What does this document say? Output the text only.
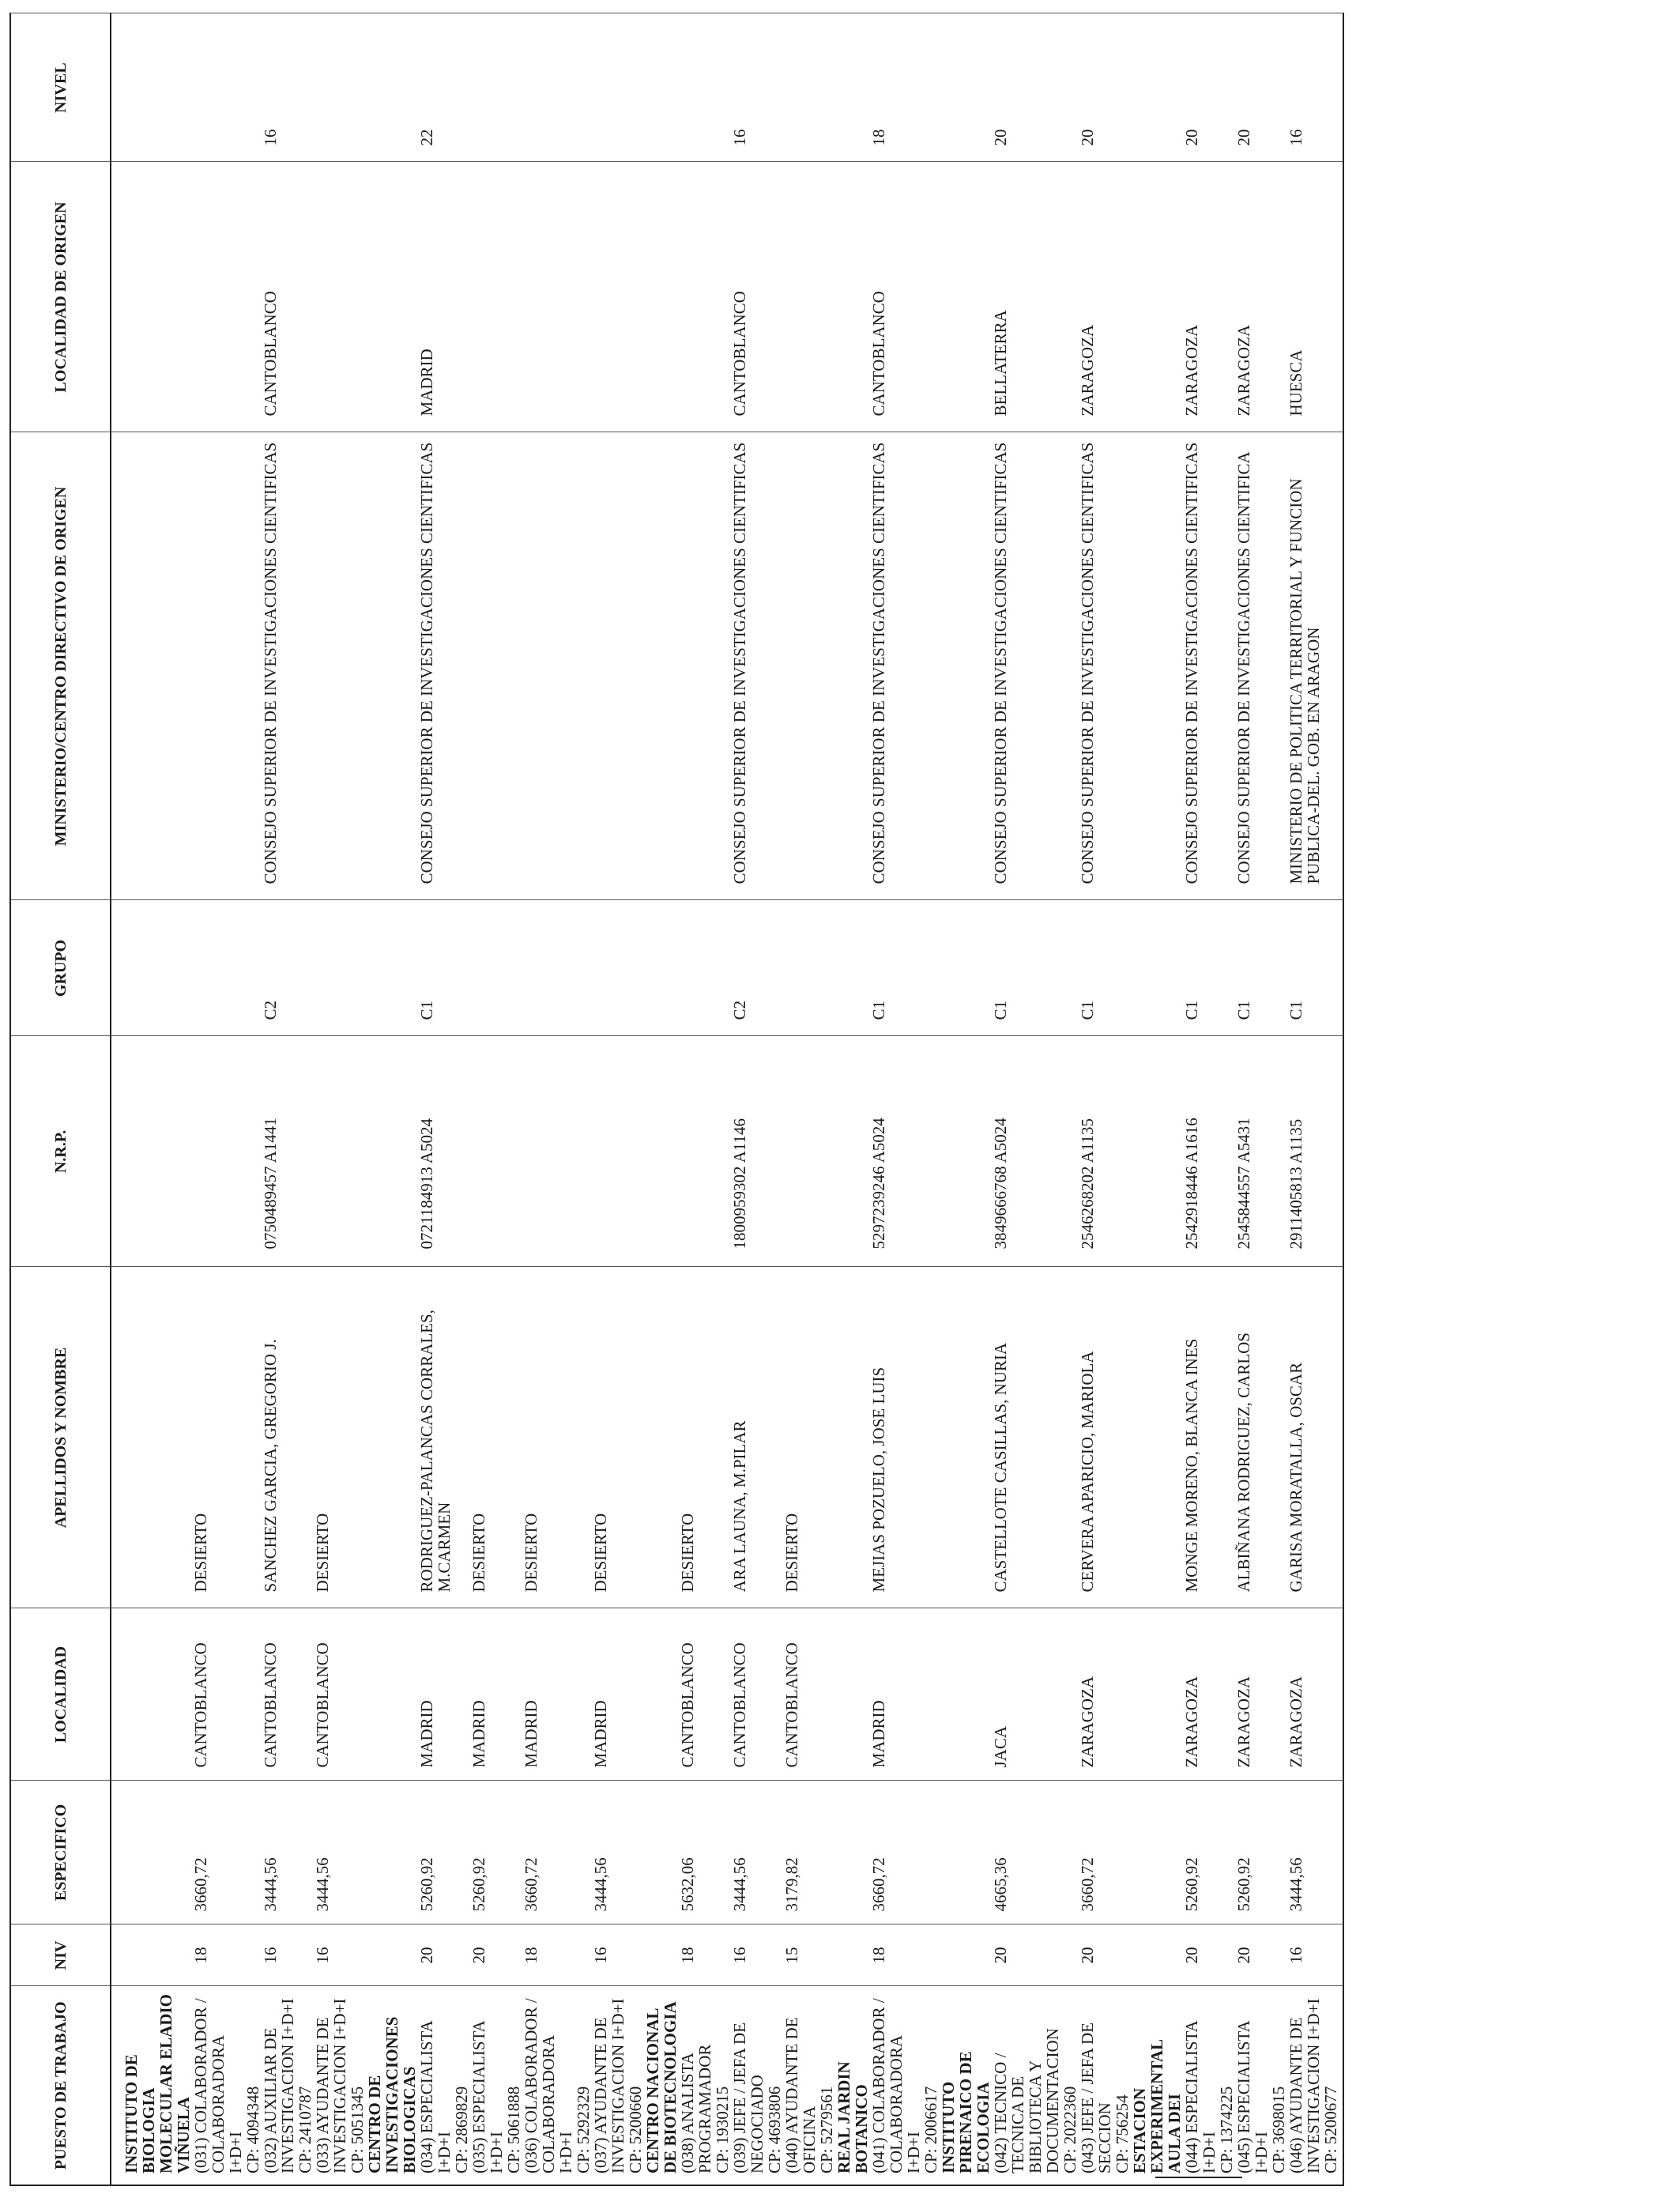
PUESTO DE TRABAJO	NIV	ESPECIFICO	LOCALIDAD	APELLIDOS Y NOMBRE	N.R.P.	GRUPO	MINISTERIO/CENTRO DIRECTIVO DE ORIGEN	LOCALIDAD DE ORIGEN	NIVEL

INSTITUTO DE BIOLOGIA MOLECULAR ELADIO VIÑUELA									

(031) COLABORADOR / COLABORADORA I+D+I
CP: 4094348	18	3660,72	CANTOBLANCO	DESIERTO					

(032) AUXILIAR DE INVESTIGACION I+D+I
CP: 2410787	16	3444,56	CANTOBLANCO	SANCHEZ GARCIA, GREGORIO J.	0750489457 A1441	C2	CONSEJO SUPERIOR DE INVESTIGACIONES CIENTIFICAS	CANTOBLANCO	16

(033) AYUDANTE DE INVESTIGACION I+D+I
CP: 5051345	16	3444,56	CANTOBLANCO	DESIERTO					

CENTRO DE INVESTIGACIONES BIOLOGICAS									

(034) ESPECIALISTA I+D+I
CP: 2869829	20	5260,92	MADRID	RODRIGUEZ-PALANCAS CORRALES, M.CARMEN	0721184913 A5024	C1	CONSEJO SUPERIOR DE INVESTIGACIONES CIENTIFICAS	MADRID	22

(035) ESPECIALISTA I+D+I
CP: 5061888	20	5260,92	MADRID	DESIERTO					

(036) COLABORADOR / COLABORADORA I+D+I
CP: 5292329	18	3660,72	MADRID	DESIERTO					

(037) AYUDANTE DE INVESTIGACION I+D+I
CP: 5200660	16	3444,56	MADRID	DESIERTO					

CENTRO NACIONAL DE BIOTECNOLOGIA									

(038) ANALISTA PROGRAMADOR
CP: 1930215	18	5632,06	CANTOBLANCO	DESIERTO					

(039) JEFE / JEFA DE NEGOCIADO
CP: 4693806	16	3444,56	CANTOBLANCO	ARA LAUNA, M.PILAR	1800959302 A1146	C2	CONSEJO SUPERIOR DE INVESTIGACIONES CIENTIFICAS	CANTOBLANCO	16

(040) AYUDANTE DE OFICINA
CP: 5279561	15	3179,82	CANTOBLANCO	DESIERTO					

REAL JARDIN BOTANICO									

(041) COLABORADOR / COLABORADORA I+D+I
CP: 2006617	18	3660,72	MADRID	MEJIAS POZUELO, JOSE LUIS	5297239246 A5024	C1	CONSEJO SUPERIOR DE INVESTIGACIONES CIENTIFICAS	CANTOBLANCO	18

INSTITUTO PIRENAICO DE ECOLOGIA									

(042) TECNICO / TECNICA DE BIBLIOTECA Y DOCUMENTACION
CP: 2022360	20	4665,36	JACA	CASTELLOTE CASILLAS, NURIA	3849666768 A5024	C1	CONSEJO SUPERIOR DE INVESTIGACIONES CIENTIFICAS	BELLATERRA	20

(043) JEFE / JEFA DE SECCION
CP: 756254	20	3660,72	ZARAGOZA	CERVERA APARICIO, MARIOLA	2546268202 A1135	C1	CONSEJO SUPERIOR DE INVESTIGACIONES CIENTIFICAS	ZARAGOZA	20

ESTACION EXPERIMENTAL AULA DEI									

(044) ESPECIALISTA I+D+I
CP: 1374225	20	5260,92	ZARAGOZA	MONGE MORENO, BLANCA INES	2542918446 A1616	C1	CONSEJO SUPERIOR DE INVESTIGACIONES CIENTIFICAS	ZARAGOZA	20

(045) ESPECIALISTA I+D+I
CP: 3698015	20	5260,92	ZARAGOZA	ALBIÑANA RODRIGUEZ, CARLOS	2545844557 A5431	C1	CONSEJO SUPERIOR DE INVESTIGACIONES CIENTIFICA	ZARAGOZA	20

(046) AYUDANTE DE INVESTIGACION I+D+I
CP: 5200677	16	3444,56	ZARAGOZA	GARISA MORATALLA, OSCAR	2911405813 A1135	C1	MINISTERIO DE POLITICA TERRITORIAL Y FUNCION PUBLICA-DEL. GOB. EN ARAGON	HUESCA	16
